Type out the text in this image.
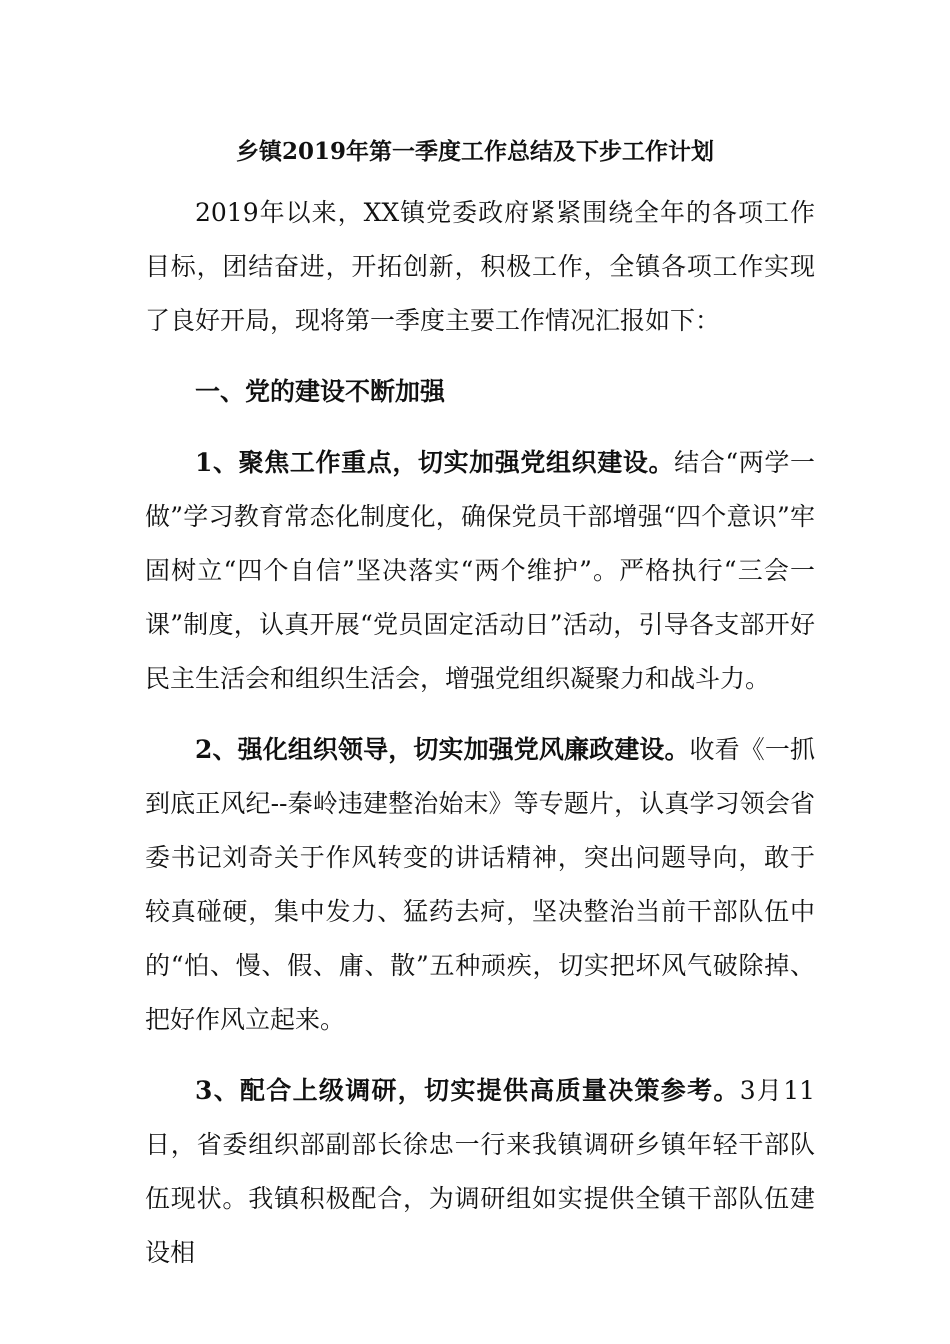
乡镇2019年第一季度工作总结及下步工作计划

2019年以来，XX镇党委政府紧紧围绕全年的各项工作目标，团结奋进，开拓创新，积极工作，全镇各项工作实现了良好开局，现将第一季度主要工作情况汇报如下：

一、党的建设不断加强

1、聚焦工作重点，切实加强党组织建设。结合“两学一做”学习教育常态化制度化，确保党员干部增强“四个意识”牢固树立“四个自信”坚决落实“两个维护”。严格执行“三会一课”制度，认真开展“党员固定活动日”活动，引导各支部开好民主生活会和组织生活会，增强党组织凝聚力和战斗力。

2、强化组织领导，切实加强党风廉政建设。收看《一抓到底正风纪--秦岭违建整治始末》等专题片，认真学习领会省委书记刘奇关于作风转变的讲话精神，突出问题导向，敢于较真碰硬，集中发力、猛药去疴，坚决整治当前干部队伍中的“怕、慢、假、庸、散”五种顽疾，切实把坏风气破除掉、把好作风立起来。

3、配合上级调研，切实提供高质量决策参考。3月11日，省委组织部副部长徐忠一行来我镇调研乡镇年轻干部队伍现状。我镇积极配合，为调研组如实提供全镇干部队伍建设相
